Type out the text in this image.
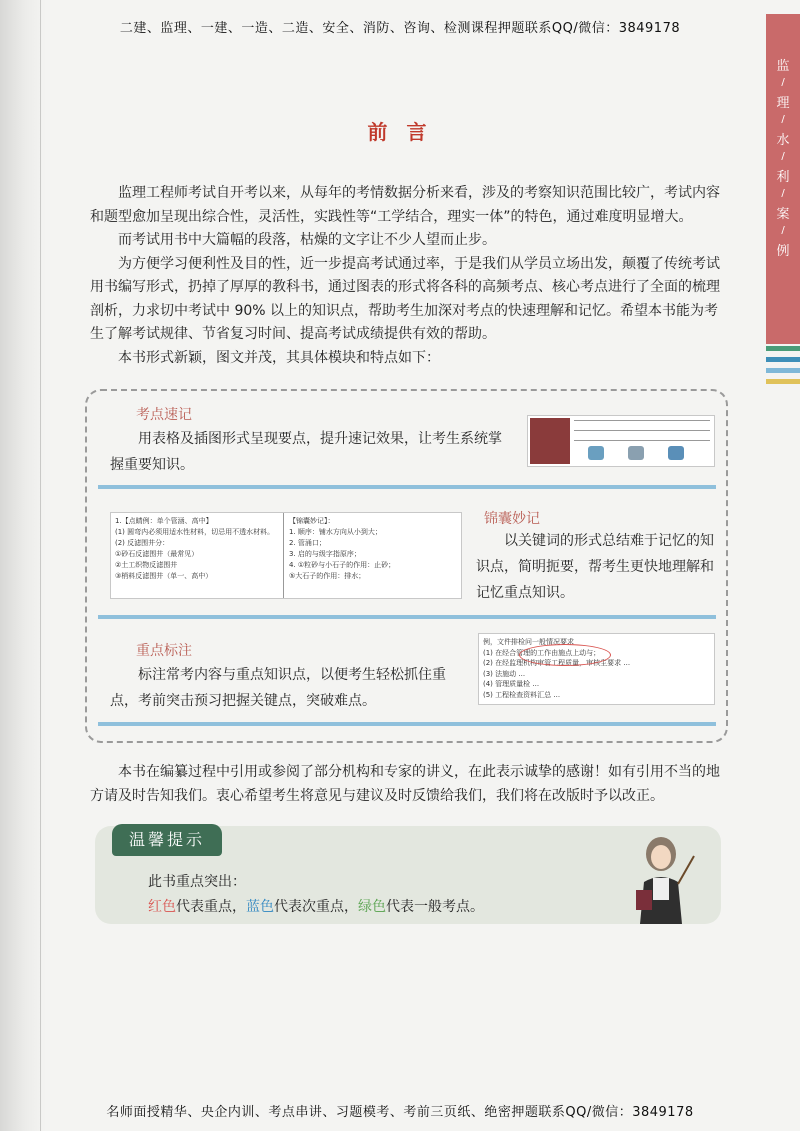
二建、监理、一建、一造、二造、安全、消防、咨询、检测课程押题联系QQ/微信：3849178
监
/
理
/
水
/
利
/
案
/
例
前 言

监理工程师考试自开考以来，从每年的考情数据分析来看，涉及的考察知识范围比较广，考试内容和题型愈加呈现出综合性，灵活性，实践性等“工学结合，理实一体”的特色，通过难度明显增大。

而考试用书中大篇幅的段落，枯燥的文字让不少人望而止步。

为方便学习便利性及目的性，近一步提高考试通过率，于是我们从学员立场出发，颠覆了传统考试用书编写形式，扔掉了厚厚的教科书，通过图表的形式将各科的高频考点、核心考点进行了全面的梳理剖析，力求切中考试中 90% 以上的知识点，帮助考生加深对考点的快速理解和记忆。希望本书能为考生了解考试规律、节省复习时间、提高考试成绩提供有效的帮助。

本书形式新颖，图文并茂，其具体模块和特点如下：

考点速记

用表格及插图形式呈现要点，提升速记效果，让考生系统掌握重要知识。

1.【点睛例：单个管涵、高中】
(1) 圆弯内必须用适水性材料，切忌用不透水材料。
(2) 反滤围井分：
①砂石反滤围井（最常见）
②土工织物反滤围井
③梢料反滤围井（单一、高中）
【锦囊妙记】：
1. 顺序：铺水方向从小到大；
2. 管涌口；
3. 启的与级字指原序；
4. ①粒砂与小石子的作用：止砂；
⑤大石子的作用：排水；
锦囊妙记

以关键词的形式总结难于记忆的知识点，简明扼要，帮考生更快地理解和记忆重点知识。

重点标注

标注常考内容与重点知识点，以便考生轻松抓住重点，考前突击预习把握关键点，突破难点。

例，文件排检问一般情况要求
(1) 在经合管理的工作由施点上动与；
(2) 在经监理机构审管工程质量，审核生要求 ...
(3) 法施动 ...
(4) 管理质量检 ...
(5) 工程检查资料汇总 ...

本书在编纂过程中引用或参阅了部分机构和专家的讲义，在此表示诚挚的感谢！如有引用不当的地方请及时告知我们。衷心希望考生将意见与建议及时反馈给我们，我们将在改版时予以改正。

温馨提示
此书重点突出：
红色代表重点，蓝色代表次重点，绿色代表一般考点。
名师面授精华、央企内训、考点串讲、习题模考、考前三页纸、绝密押题联系QQ/微信：3849178
